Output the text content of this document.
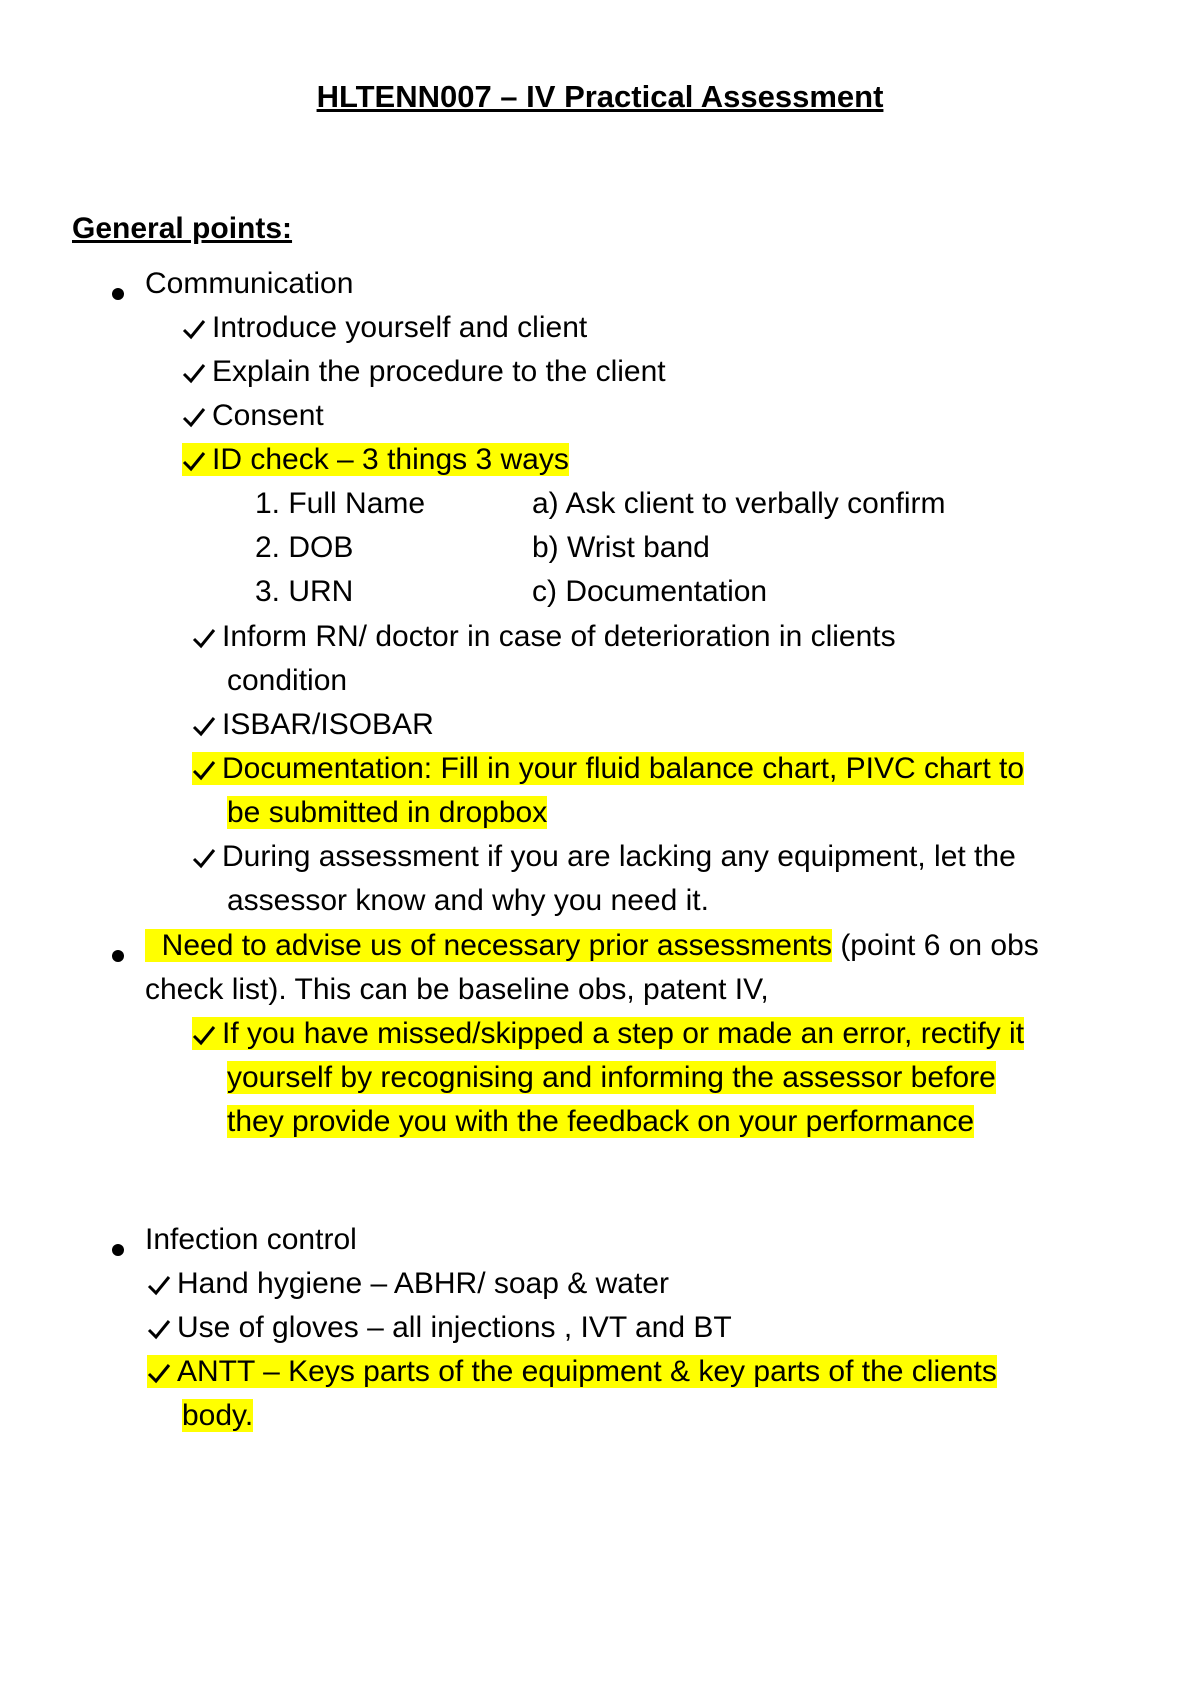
HLTENN007 – IV Practical Assessment
General points:
Communication
Introduce yourself and client
Explain the procedure to the client
Consent
ID check – 3 things 3 ways
1. Full Name	a) Ask client to verbally confirm
2. DOB	b) Wrist band
3. URN	c) Documentation
Inform RN/ doctor in case of deterioration in clients
condition
ISBAR/ISOBAR
Documentation: Fill in your fluid balance chart, PIVC chart to
be submitted in dropbox
During assessment if you are lacking any equipment, let the
assessor know and why you need it.
Need to advise us of necessary prior assessments (point 6 on obs
check list). This can be baseline obs, patent IV,
If you have missed/skipped a step or made an error, rectify it
yourself by recognising and informing the assessor before
they provide you with the feedback on your performance
Infection control
Hand hygiene – ABHR/ soap & water
Use of gloves – all injections , IVT and BT
ANTT – Keys parts of the equipment & key parts of the clients
body.
